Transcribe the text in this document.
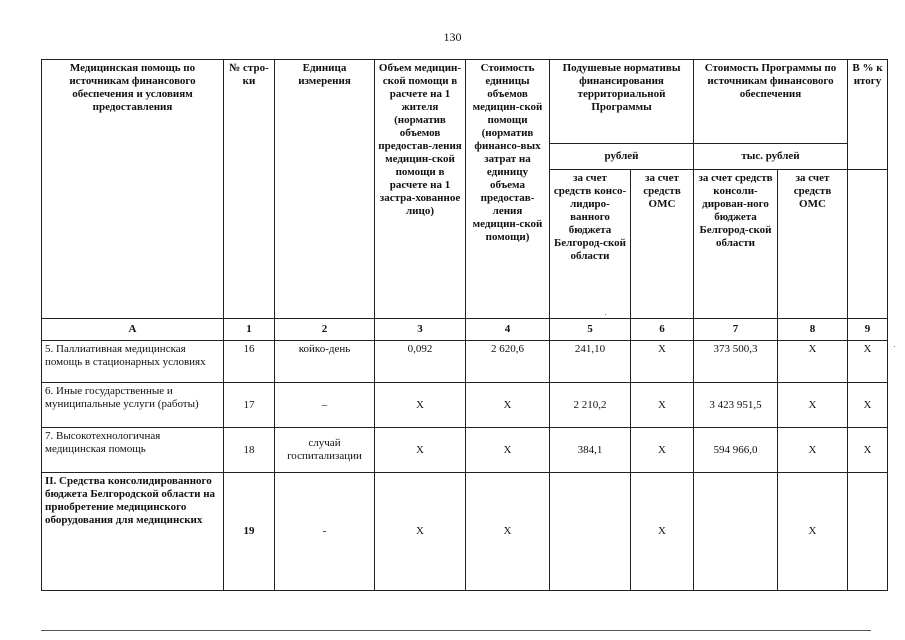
130
Медицинская помощь по источникам финансового обеспечения и условиям предоставления	№ стро-ки	Единица измерения	Объем медицин-ской помощи в расчете на 1 жителя (норматив объемов предостав-ления медицин-ской помощи в расчете на 1 застра-хованное лицо)	Стоимость единицы объемов медицин-ской помощи (норматив финансо-вых затрат на единицу объема предостав-ления медицин-ской помощи)	Подушевые нормативы финансирования территориальной Программы		Стоимость Программы по источникам финансового обеспечения		В % к итогу
					рублей		тыс. рублей		
					за счет средств консо-лидиро-ванного бюджета Белгород-ской области	за счет средств ОМС	за счет средств консоли-дирован-ного бюджета Белгород-ской области	за счет средств ОМС	
А	1	2	3	4	5	6	7	8	9
5. Паллиативная медицинская помощь в стационарных условиях	16	койко-день	0,092	2 620,6	241,10	Х	373 500,3	Х	Х
6. Иные государственные и муниципальные услуги (работы)	17	–	Х	Х	2 210,2	Х	3 423 951,5	Х	Х
7. Высокотехнологичная медицинская помощь	18	случай госпитализации	Х	Х	384,1	Х	594 966,0	Х	Х
II. Средства консолидированного бюджета Белгородской области на приобретение медицинского оборудования для медицинских	19	-	Х	Х		Х		Х	
